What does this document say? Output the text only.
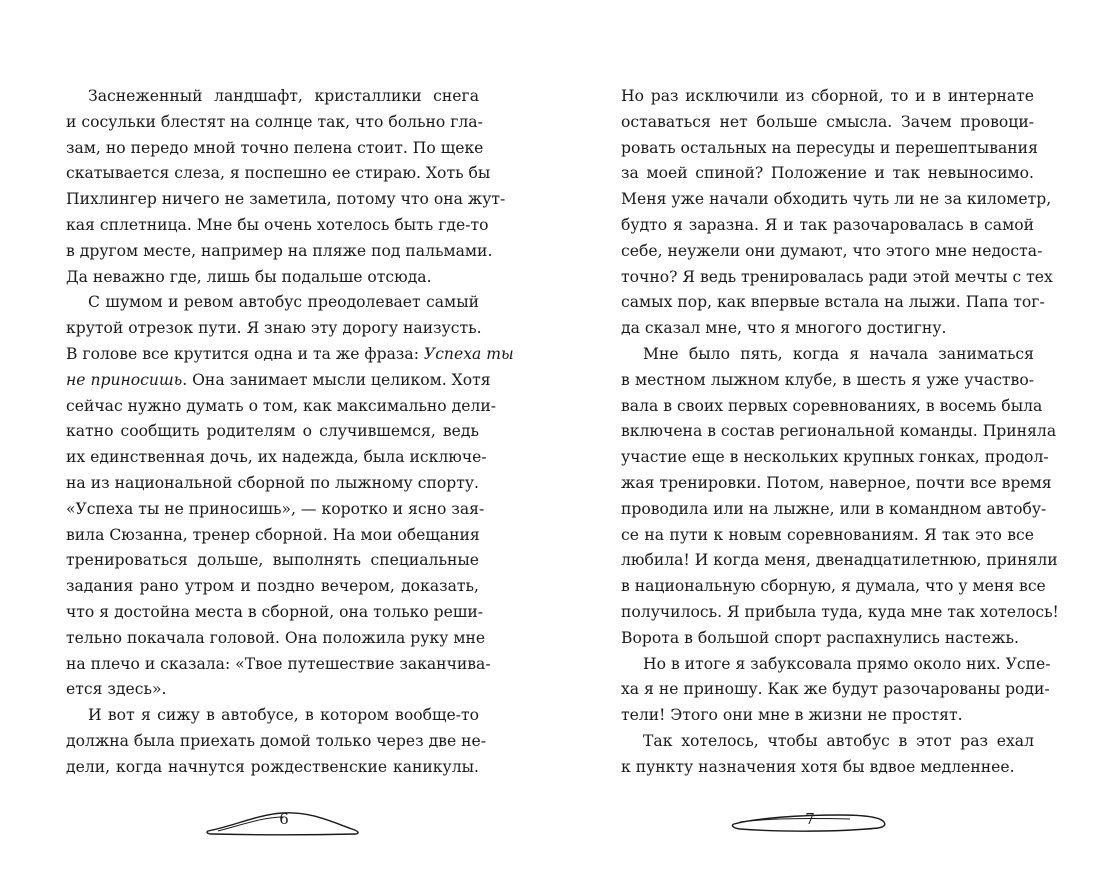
Заснеженный ландшафт, кристаллики снега
и сосульки блестят на солнце так, что больно гла-
зам, но передо мной точно пелена стоит. По щеке
скатывается слеза, я поспешно ее стираю. Хоть бы
Пихлингер ничего не заметила, потому что она жут-
кая сплетница. Мне бы очень хотелось быть где-то
в другом месте, например на пляже под пальмами.
Да неважно где, лишь бы подальше отсюда.
С шумом и ревом автобус преодолевает самый
крутой отрезок пути. Я знаю эту дорогу наизусть.
В голове все крутится одна и та же фраза: Успеха ты
не приносишь. Она занимает мысли целиком. Хотя
сейчас нужно думать о том, как максимально дели-
катно сообщить родителям о случившемся, ведь
их единственная дочь, их надежда, была исключе-
на из национальной сборной по лыжному спорту.
«Успеха ты не приносишь», — коротко и ясно зая-
вила Сюзанна, тренер сборной. На мои обещания
тренироваться дольше, выполнять специальные
задания рано утром и поздно вечером, доказать,
что я достойна места в сборной, она только реши-
тельно покачала головой. Она положила руку мне
на плечо и сказала: «Твое путешествие заканчива-
ется здесь».
И вот я сижу в автобусе, в котором вообще-то
должна была приехать домой только через две не-
дели, когда начнутся рождественские каникулы.
Но раз исключили из сборной, то и в интернате
оставаться нет больше смысла. Зачем провоци-
ровать остальных на пересуды и перешептывания
за моей спиной? Положение и так невыносимо.
Меня уже начали обходить чуть ли не за километр,
будто я заразна. Я и так разочаровалась в самой
себе, неужели они думают, что этого мне недоста-
точно? Я ведь тренировалась ради этой мечты с тех
самых пор, как впервые встала на лыжи. Папа тог-
да сказал мне, что я многого достигну.
Мне было пять, когда я начала заниматься
в местном лыжном клубе, в шесть я уже участво-
вала в своих первых соревнованиях, в восемь была
включена в состав региональной команды. Приняла
участие еще в нескольких крупных гонках, продол-
жая тренировки. Потом, наверное, почти все время
проводила или на лыжне, или в командном автобу-
се на пути к новым соревнованиям. Я так это все
любила! И когда меня, двенадцатилетнюю, приняли
в национальную сборную, я думала, что у меня все
получилось. Я прибыла туда, куда мне так хотелось!
Ворота в большой спорт распахнулись настежь.
Но в итоге я забуксовала прямо около них. Успе-
ха я не приношу. Как же будут разочарованы роди-
тели! Этого они мне в жизни не простят.
Так хотелось, чтобы автобус в этот раз ехал
к пункту назначения хотя бы вдвое медленнее.
6	7
